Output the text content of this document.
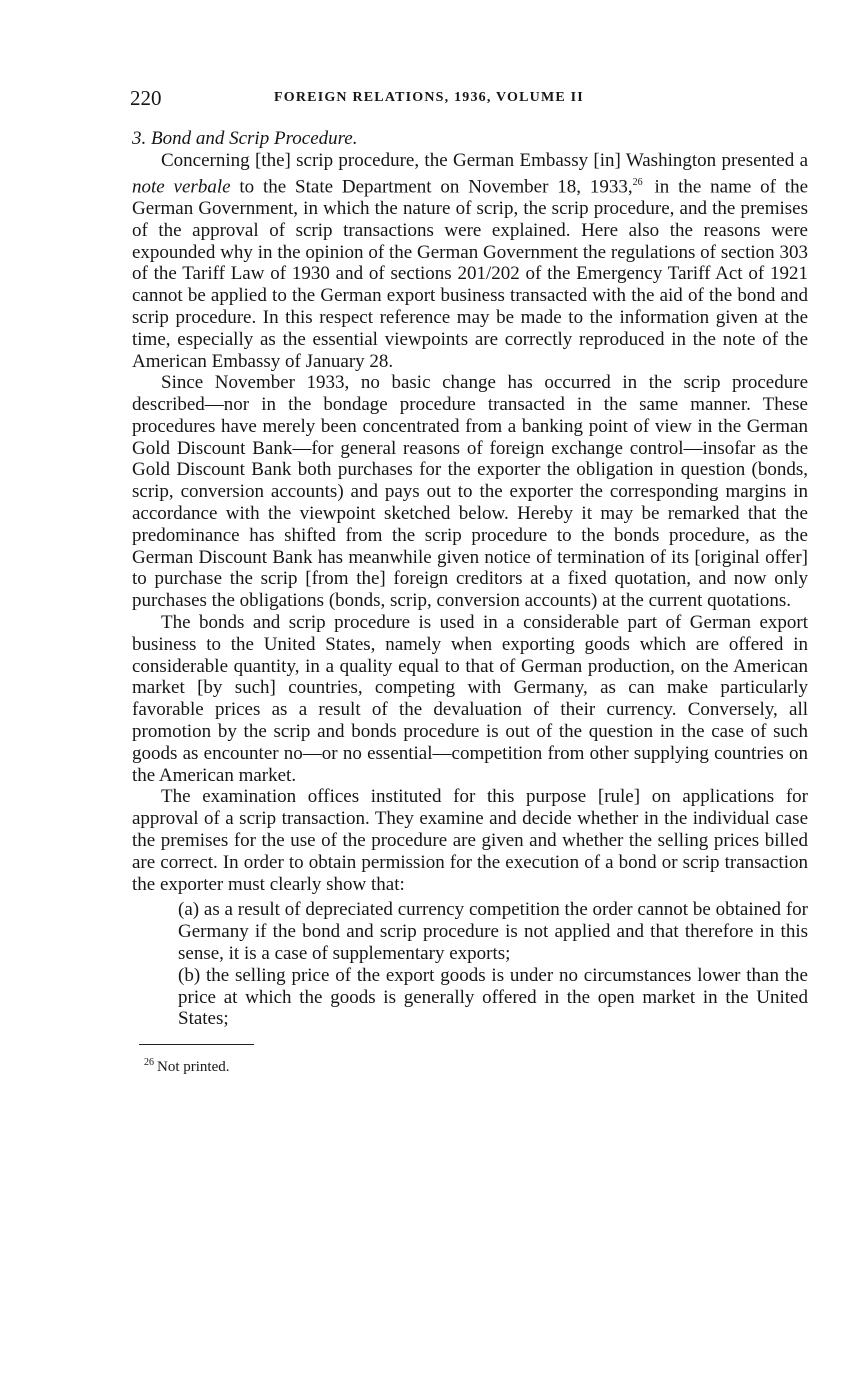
220	FOREIGN RELATIONS, 1936, VOLUME II
3. Bond and Scrip Procedure.

Concerning [the] scrip procedure, the German Embassy [in] Washington presented a note verbale to the State Department on November 18, 1933,26 in the name of the German Government, in which the nature of scrip, the scrip procedure, and the premises of the approval of scrip transactions were explained. Here also the reasons were expounded why in the opinion of the German Government the regulations of section 303 of the Tariff Law of 1930 and of sections 201/202 of the Emergency Tariff Act of 1921 cannot be applied to the German export business transacted with the aid of the bond and scrip procedure. In this respect reference may be made to the information given at the time, especially as the essential viewpoints are correctly reproduced in the note of the American Embassy of January 28.

Since November 1933, no basic change has occurred in the scrip procedure described—nor in the bondage procedure transacted in the same manner. These procedures have merely been concentrated from a banking point of view in the German Gold Discount Bank—for general reasons of foreign exchange control—insofar as the Gold Discount Bank both purchases for the exporter the obligation in question (bonds, scrip, conversion accounts) and pays out to the exporter the corresponding margins in accordance with the viewpoint sketched below. Hereby it may be remarked that the predominance has shifted from the scrip procedure to the bonds procedure, as the German Discount Bank has meanwhile given notice of termination of its [original offer] to purchase the scrip [from the] foreign creditors at a fixed quotation, and now only purchases the obligations (bonds, scrip, conversion accounts) at the current quotations.

The bonds and scrip procedure is used in a considerable part of German export business to the United States, namely when exporting goods which are offered in considerable quantity, in a quality equal to that of German production, on the American market [by such] countries, competing with Germany, as can make particularly favorable prices as a result of the devaluation of their currency. Conversely, all promotion by the scrip and bonds procedure is out of the question in the case of such goods as encounter no—or no essential—competition from other supplying countries on the American market.

The examination offices instituted for this purpose [rule] on applications for approval of a scrip transaction. They examine and decide whether in the individual case the premises for the use of the procedure are given and whether the selling prices billed are correct. In order to obtain permission for the execution of a bond or scrip transaction the exporter must clearly show that:

(a) as a result of depreciated currency competition the order cannot be obtained for Germany if the bond and scrip procedure is not applied and that therefore in this sense, it is a case of supplementary exports;

(b) the selling price of the export goods is under no circumstances lower than the price at which the goods is generally offered in the open market in the United States;

$^{26}$ Not printed.
